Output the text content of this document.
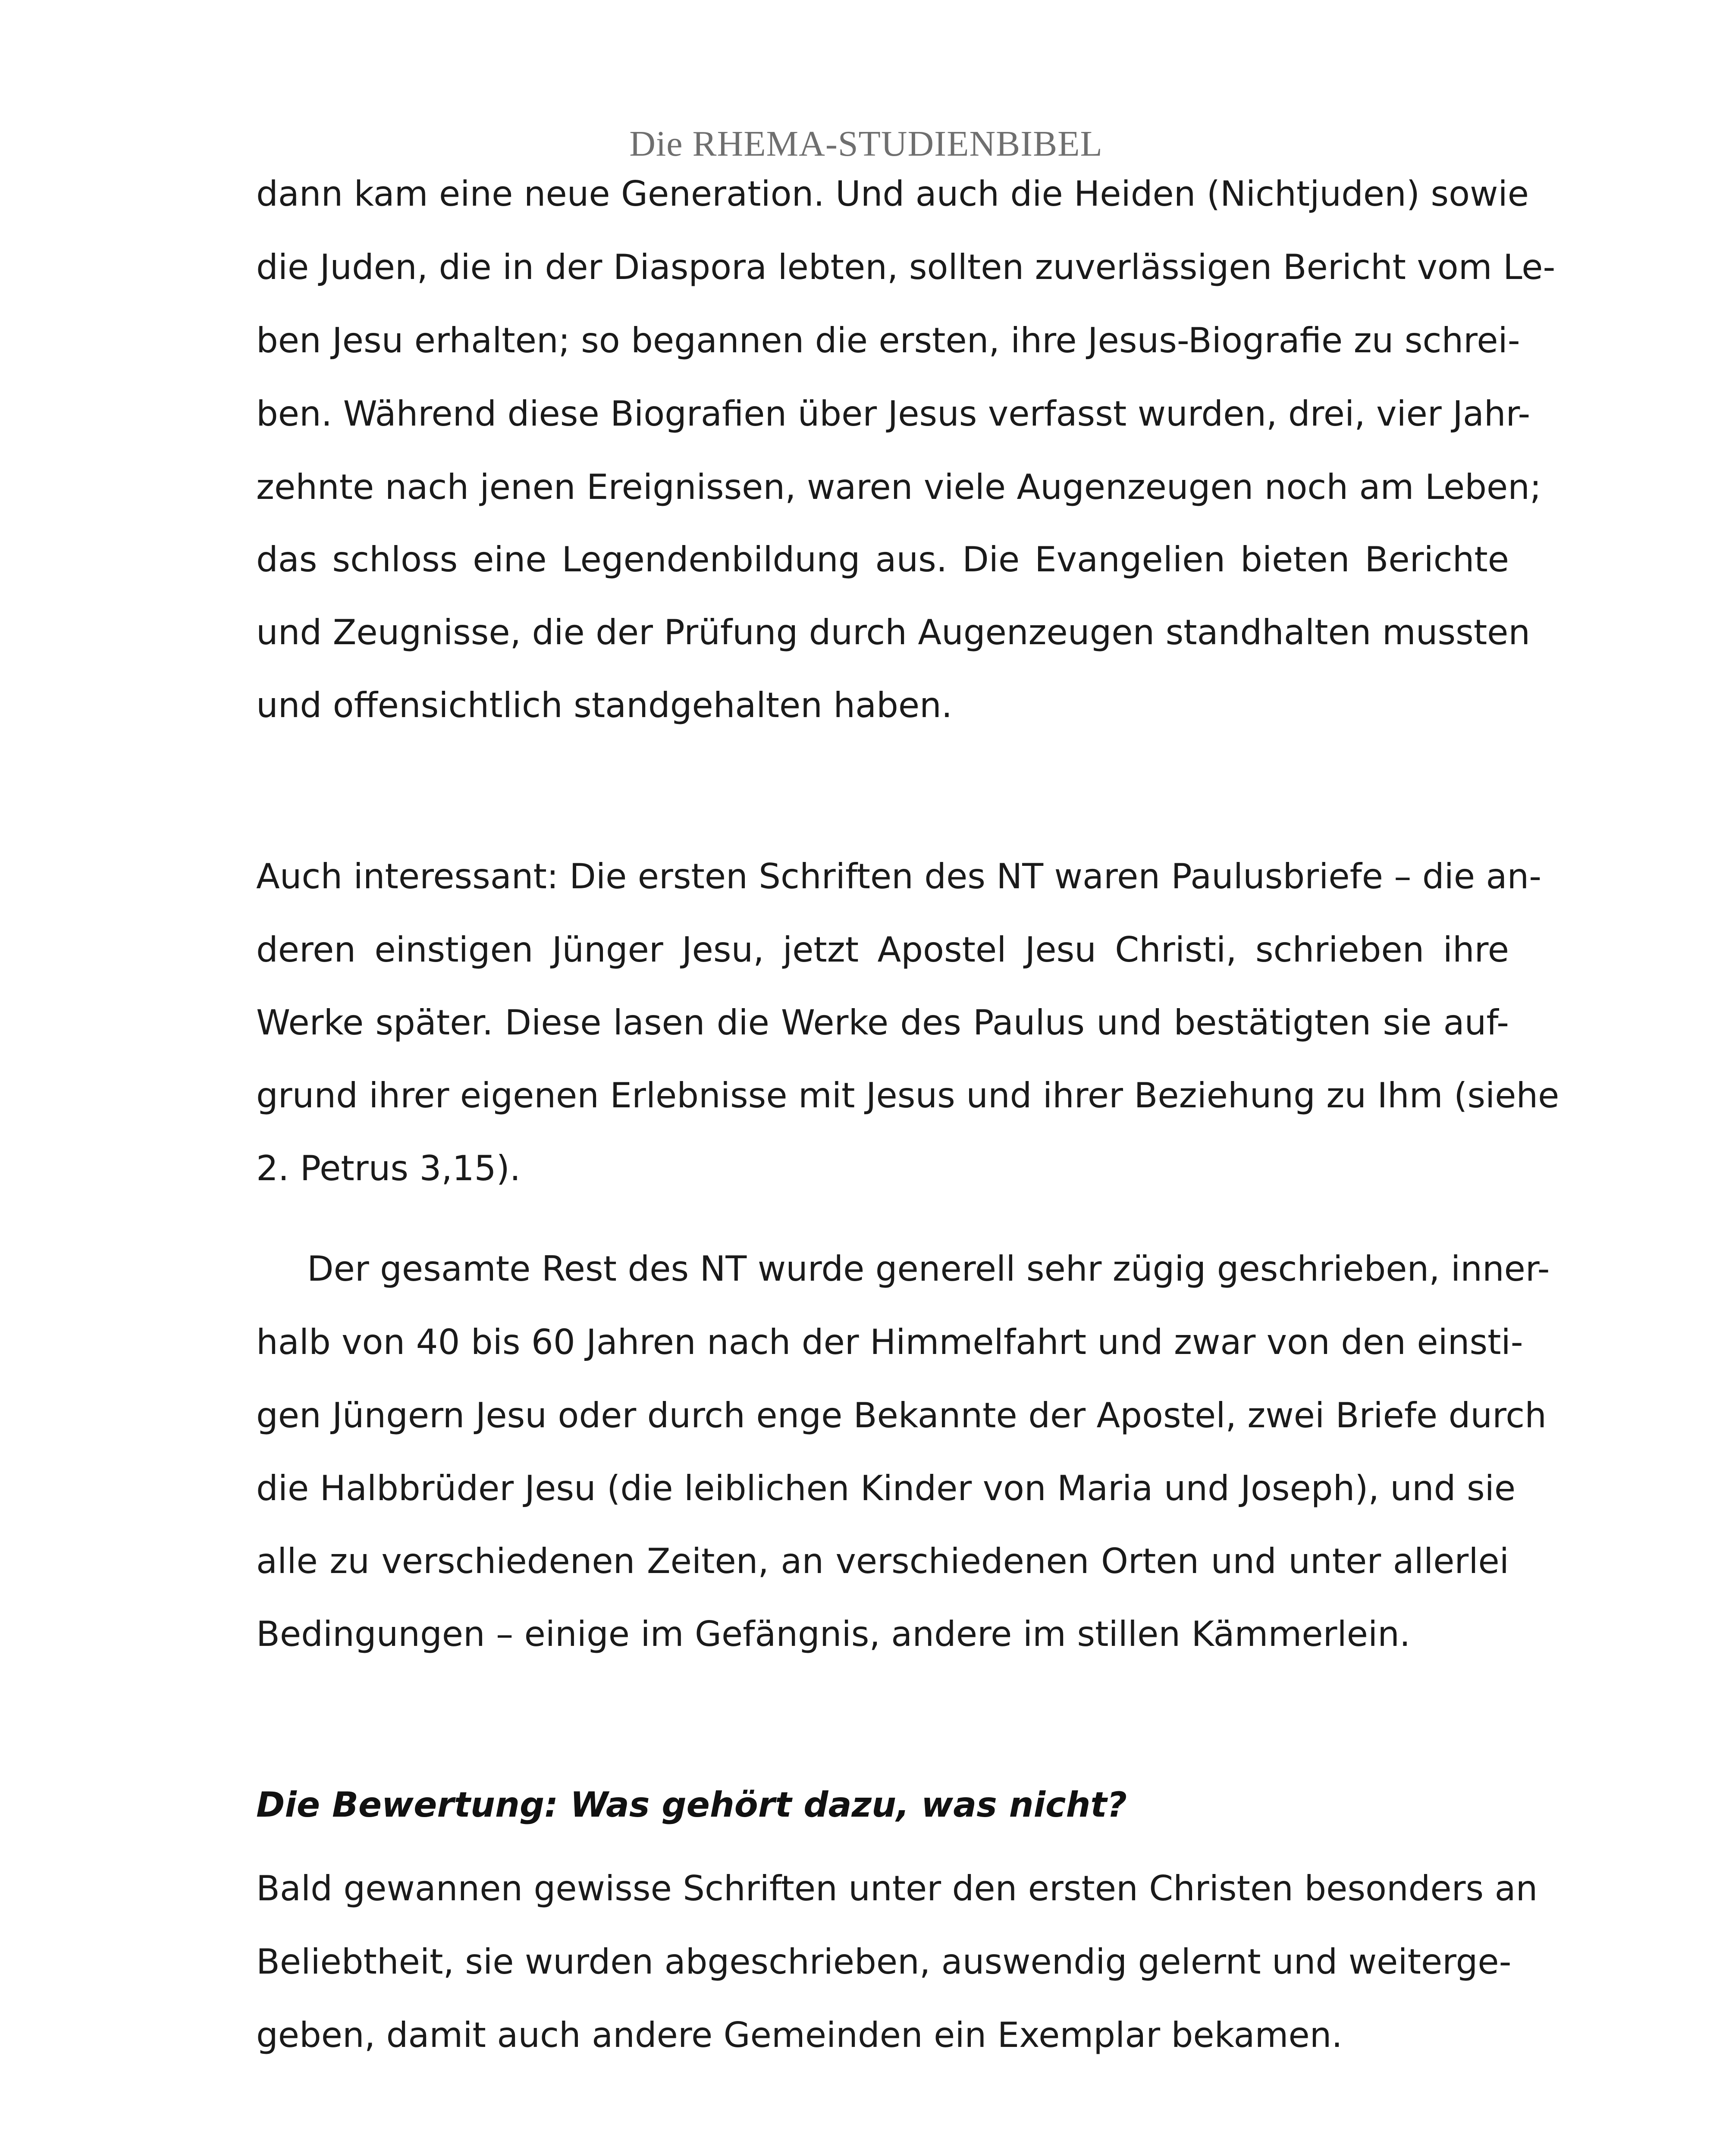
Die RHEMA-STUDIENBIBEL
dann kam eine neue Generation. Und auch die Heiden (Nichtjuden) sowie
die Juden, die in der Diaspora lebten, sollten zuverlässigen Bericht vom Le-
ben Jesu erhalten; so begannen die ersten, ihre Jesus-Biografie zu schrei-
ben. Während diese Biografien über Jesus verfasst wurden, drei, vier Jahr-
zehnte nach jenen Ereignissen, waren viele Augenzeugen noch am Leben;
das schloss eine Legendenbildung aus. Die Evangelien bieten Berichte
und Zeugnisse, die der Prüfung durch Augenzeugen standhalten mussten
und offensichtlich standgehalten haben.
Auch interessant: Die ersten Schriften des NT waren Paulusbriefe – die an-
deren einstigen Jünger Jesu, jetzt Apostel Jesu Christi, schrieben ihre
Werke später. Diese lasen die Werke des Paulus und bestätigten sie auf-
grund ihrer eigenen Erlebnisse mit Jesus und ihrer Beziehung zu Ihm (siehe
2. Petrus 3,15).
Der gesamte Rest des NT wurde generell sehr zügig geschrieben, inner-
halb von 40 bis 60 Jahren nach der Himmelfahrt und zwar von den einsti-
gen Jüngern Jesu oder durch enge Bekannte der Apostel, zwei Briefe durch
die Halbbrüder Jesu (die leiblichen Kinder von Maria und Joseph), und sie
alle zu verschiedenen Zeiten, an verschiedenen Orten und unter allerlei
Bedingungen – einige im Gefängnis, andere im stillen Kämmerlein.
Die Bewertung: Was gehört dazu, was nicht?
Bald gewannen gewisse Schriften unter den ersten Christen besonders an
Beliebtheit, sie wurden abgeschrieben, auswendig gelernt und weiterge-
geben, damit auch andere Gemeinden ein Exemplar bekamen.
